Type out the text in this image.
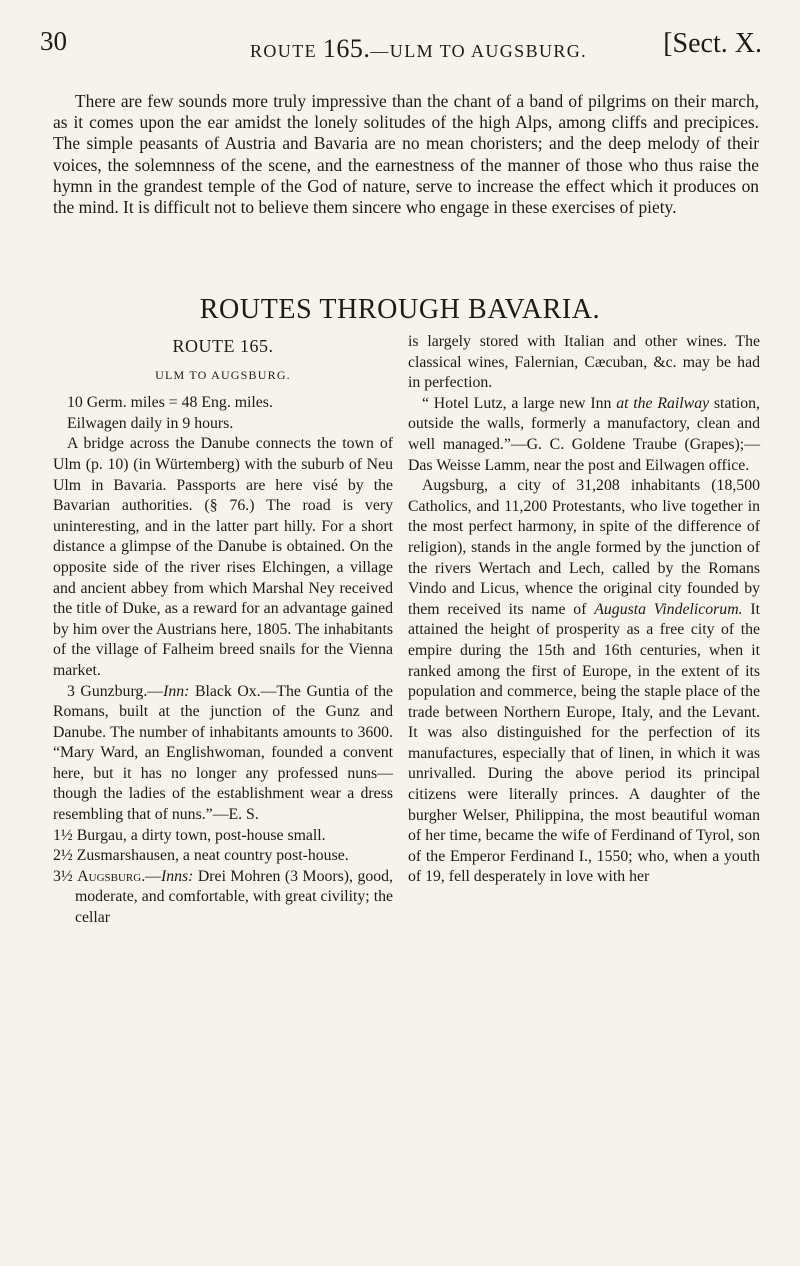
30	ROUTE 165.—ULM TO AUGSBURG.	[Sect. X.

There are few sounds more truly impressive than the chant of a band of pilgrims on their march, as it comes upon the ear amidst the lonely solitudes of the high Alps, among cliffs and precipices. The simple peasants of Austria and Bavaria are no mean choristers; and the deep melody of their voices, the solemnness of the scene, and the earnestness of the manner of those who thus raise the hymn in the grandest temple of the God of nature, serve to increase the effect which it produces on the mind. It is difficult not to believe them sincere who engage in these exercises of piety.

ROUTES THROUGH BAVARIA.

ROUTE 165.

ULM TO AUGSBURG.

10 Germ. miles = 48 Eng. miles.

Eilwagen daily in 9 hours.

A bridge across the Danube connects the town of Ulm (p. 10) (in Würtemberg) with the suburb of Neu Ulm in Bavaria. Passports are here visé by the Bavarian authorities. (§ 76.) The road is very uninteresting, and in the latter part hilly. For a short distance a glimpse of the Danube is obtained. On the opposite side of the river rises Elchingen, a village and ancient abbey from which Marshal Ney received the title of Duke, as a reward for an advantage gained by him over the Austrians here, 1805. The inhabitants of the village of Falheim breed snails for the Vienna market.

3 Gunzburg.—Inn: Black Ox.—The Guntia of the Romans, built at the junction of the Gunz and Danube. The number of inhabitants amounts to 3600. “Mary Ward, an Englishwoman, founded a convent here, but it has no longer any professed nuns—though the ladies of the establishment wear a dress resembling that of nuns.”—E. S.

1½ Burgau, a dirty town, post-house small.

2½ Zusmarshausen, a neat country post-house.

3½ Augsburg.—Inns: Drei Mohren (3 Moors), good, moderate, and comfortable, with great civility; the cellar

is largely stored with Italian and other wines. The classical wines, Falernian, Cæcuban, &c. may be had in perfection.

“ Hotel Lutz, a large new Inn at the Railway station, outside the walls, formerly a manufactory, clean and well managed.”—G. C. Goldene Traube (Grapes);—Das Weisse Lamm, near the post and Eilwagen office.

Augsburg, a city of 31,208 inhabitants (18,500 Catholics, and 11,200 Protestants, who live together in the most perfect harmony, in spite of the difference of religion), stands in the angle formed by the junction of the rivers Wertach and Lech, called by the Romans Vindo and Licus, whence the original city founded by them received its name of Augusta Vindelicorum. It attained the height of prosperity as a free city of the empire during the 15th and 16th centuries, when it ranked among the first of Europe, in the extent of its population and commerce, being the staple place of the trade between Northern Europe, Italy, and the Levant. It was also distinguished for the perfection of its manufactures, especially that of linen, in which it was unrivalled. During the above period its principal citizens were literally princes. A daughter of the burgher Welser, Philippina, the most beautiful woman of her time, became the wife of Ferdinand of Tyrol, son of the Emperor Ferdinand I., 1550; who, when a youth of 19, fell desperately in love with her
